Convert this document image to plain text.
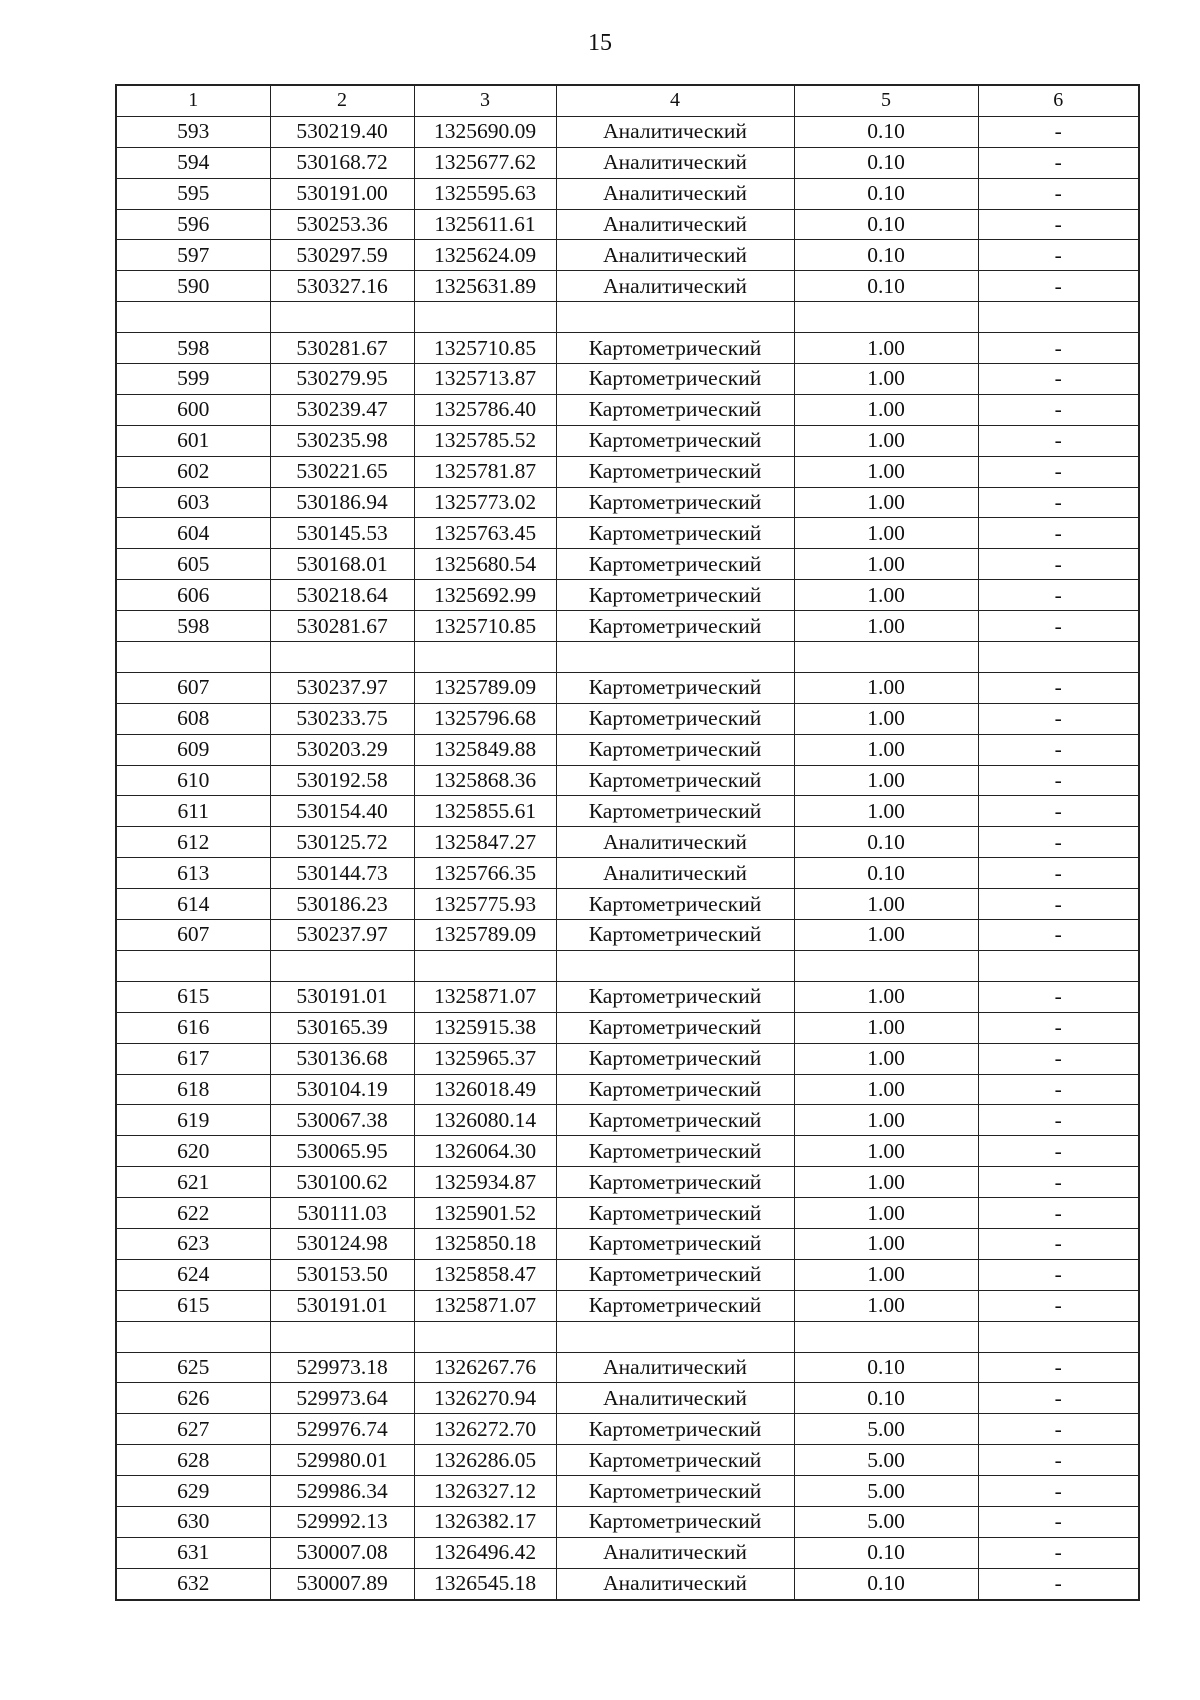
15
1	2	3	4	5	6
593	530219.40	1325690.09	Аналитический	0.10	-
594	530168.72	1325677.62	Аналитический	0.10	-
595	530191.00	1325595.63	Аналитический	0.10	-
596	530253.36	1325611.61	Аналитический	0.10	-
597	530297.59	1325624.09	Аналитический	0.10	-
590	530327.16	1325631.89	Аналитический	0.10	-

598	530281.67	1325710.85	Картометрический	1.00	-
599	530279.95	1325713.87	Картометрический	1.00	-
600	530239.47	1325786.40	Картометрический	1.00	-
601	530235.98	1325785.52	Картометрический	1.00	-
602	530221.65	1325781.87	Картометрический	1.00	-
603	530186.94	1325773.02	Картометрический	1.00	-
604	530145.53	1325763.45	Картометрический	1.00	-
605	530168.01	1325680.54	Картометрический	1.00	-
606	530218.64	1325692.99	Картометрический	1.00	-
598	530281.67	1325710.85	Картометрический	1.00	-

607	530237.97	1325789.09	Картометрический	1.00	-
608	530233.75	1325796.68	Картометрический	1.00	-
609	530203.29	1325849.88	Картометрический	1.00	-
610	530192.58	1325868.36	Картометрический	1.00	-
611	530154.40	1325855.61	Картометрический	1.00	-
612	530125.72	1325847.27	Аналитический	0.10	-
613	530144.73	1325766.35	Аналитический	0.10	-
614	530186.23	1325775.93	Картометрический	1.00	-
607	530237.97	1325789.09	Картометрический	1.00	-

615	530191.01	1325871.07	Картометрический	1.00	-
616	530165.39	1325915.38	Картометрический	1.00	-
617	530136.68	1325965.37	Картометрический	1.00	-
618	530104.19	1326018.49	Картометрический	1.00	-
619	530067.38	1326080.14	Картометрический	1.00	-
620	530065.95	1326064.30	Картометрический	1.00	-
621	530100.62	1325934.87	Картометрический	1.00	-
622	530111.03	1325901.52	Картометрический	1.00	-
623	530124.98	1325850.18	Картометрический	1.00	-
624	530153.50	1325858.47	Картометрический	1.00	-
615	530191.01	1325871.07	Картометрический	1.00	-

625	529973.18	1326267.76	Аналитический	0.10	-
626	529973.64	1326270.94	Аналитический	0.10	-
627	529976.74	1326272.70	Картометрический	5.00	-
628	529980.01	1326286.05	Картометрический	5.00	-
629	529986.34	1326327.12	Картометрический	5.00	-
630	529992.13	1326382.17	Картометрический	5.00	-
631	530007.08	1326496.42	Аналитический	0.10	-
632	530007.89	1326545.18	Аналитический	0.10	-
